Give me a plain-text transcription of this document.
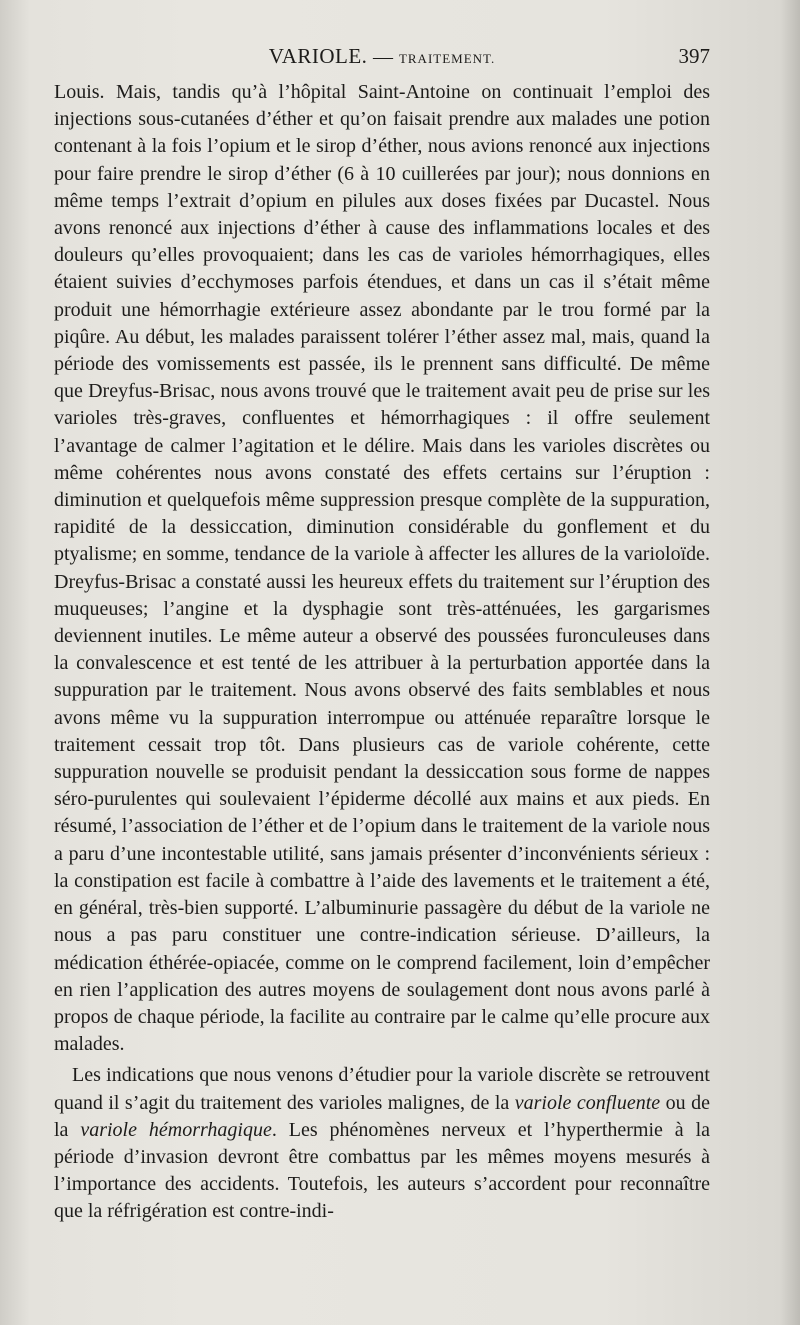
VARIOLE. — TRAITEMENT.	397

Louis. Mais, tandis qu’à l’hôpital Saint-Antoine on continuait l’emploi des injections sous-cutanées d’éther et qu’on faisait prendre aux malades une potion contenant à la fois l’opium et le sirop d’éther, nous avions renoncé aux injections pour faire prendre le sirop d’éther (6 à 10 cuillerées par jour); nous donnions en même temps l’extrait d’opium en pilules aux doses fixées par Ducastel. Nous avons renoncé aux injections d’éther à cause des inflammations locales et des douleurs qu’elles provoquaient; dans les cas de varioles hémorrhagiques, elles étaient suivies d’ecchymoses parfois étendues, et dans un cas il s’était même produit une hémorrhagie extérieure assez abondante par le trou formé par la piqûre. Au début, les malades paraissent tolérer l’éther assez mal, mais, quand la période des vomissements est passée, ils le prennent sans difficulté. De même que Dreyfus-Brisac, nous avons trouvé que le traitement avait peu de prise sur les varioles très-graves, confluentes et hémorrhagiques : il offre seulement l’avantage de calmer l’agitation et le délire. Mais dans les varioles discrètes ou même cohérentes nous avons constaté des effets certains sur l’éruption : diminution et quelquefois même suppression presque complète de la suppuration, rapidité de la dessiccation, diminution considérable du gonflement et du ptyalisme; en somme, tendance de la variole à affecter les allures de la varioloïde. Dreyfus-Brisac a constaté aussi les heureux effets du traitement sur l’éruption des muqueuses; l’angine et la dysphagie sont très-atténuées, les gargarismes deviennent inutiles. Le même auteur a observé des poussées furonculeuses dans la convalescence et est tenté de les attribuer à la perturbation apportée dans la suppuration par le traitement. Nous avons observé des faits semblables et nous avons même vu la suppuration interrompue ou atténuée reparaître lorsque le traitement cessait trop tôt. Dans plusieurs cas de variole cohérente, cette suppuration nouvelle se produisit pendant la dessiccation sous forme de nappes séro-purulentes qui soulevaient l’épiderme décollé aux mains et aux pieds. En résumé, l’association de l’éther et de l’opium dans le traitement de la variole nous a paru d’une incontestable utilité, sans jamais présenter d’inconvénients sérieux : la constipation est facile à combattre à l’aide des lavements et le traitement a été, en général, très-bien supporté. L’albuminurie passagère du début de la variole ne nous a pas paru constituer une contre-indication sérieuse. D’ailleurs, la médication éthérée-opiacée, comme on le comprend facilement, loin d’empêcher en rien l’application des autres moyens de soulagement dont nous avons parlé à propos de chaque période, la facilite au contraire par le calme qu’elle procure aux malades.

Les indications que nous venons d’étudier pour la variole discrète se retrouvent quand il s’agit du traitement des varioles malignes, de la variole confluente ou de la variole hémorrhagique. Les phénomènes nerveux et l’hyperthermie à la période d’invasion devront être combattus par les mêmes moyens mesurés à l’importance des accidents. Toutefois, les auteurs s’accordent pour reconnaître que la réfrigération est contre-indi-
